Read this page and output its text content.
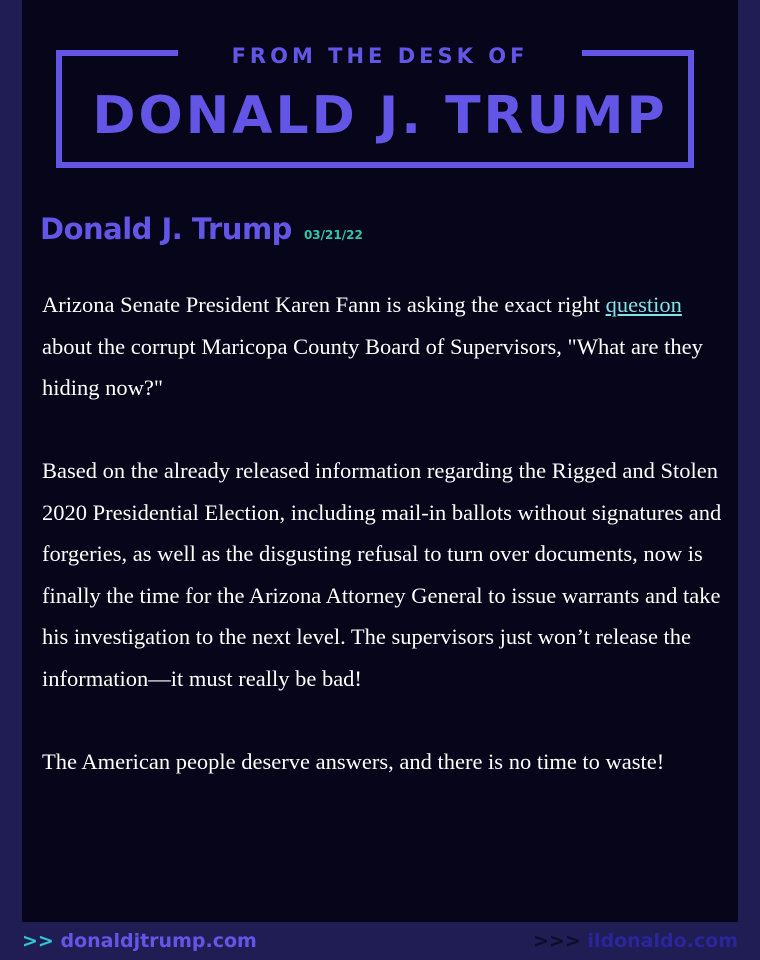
FROM THE DESK OF
DONALD J. TRUMP
Donald J. Trump 03/21/22

Arizona Senate President Karen Fann is asking the exact right question about the corrupt Maricopa County Board of Supervisors, "What are they hiding now?"

Based on the already released information regarding the Rigged and Stolen 2020 Presidential Election, including mail-in ballots without signatures and forgeries, as well as the disgusting refusal to turn over documents, now is finally the time for the Arizona Attorney General to issue warrants and take his investigation to the next level. The supervisors just won’t release the information—it must really be bad!

The American people deserve answers, and there is no time to waste!

>> donaldjtrump.com	>>> ildonaldo.com
